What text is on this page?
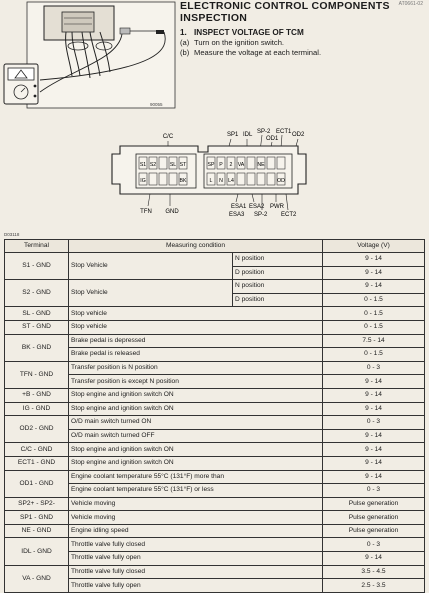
AT0661-02
90055
ELECTRONIC CONTROL COMPONENTS
INSPECTION
1. INSPECT VOLTAGE OF TCM
(a) Turn on the ignition switch.
(b) Measure the voltage at each terminal.
C/C	SP1 IDL SP-2
OD1
ECT1 OD2
S1 S2	SL ST
IG	BK
SP P 2 VA	NE
L N L4	OD
TFN GND
ESA1 ESA2
ESA3 SP-2
PWR
ECT2
D03118
Terminal	Measuring condition		Voltage (V)
S1 - GND	Stop Vehicle	N position	9 - 14
		D position	9 - 14
S2 - GND	Stop Vehicle	N position	9 - 14
		D position	0 - 1.5
SL - GND	Stop vehicle		0 - 1.5
ST - GND	Stop vehicle		0 - 1.5
BK - GND	Brake pedal is depressed		7.5 - 14
	Brake pedal is released		0 - 1.5
TFN - GND	Transfer position is N position		0 - 3
	Transfer position is except N position		9 - 14
+B - GND	Stop engine and ignition switch ON		9 - 14
IG - GND	Stop engine and ignition switch ON		9 - 14
OD2 - GND	O/D main switch turned ON		0 - 3
	O/D main switch turned OFF		9 - 14
C/C - GND	Stop engine and ignition switch ON		9 - 14
ECT1 - GND	Stop engine and ignition switch ON		9 - 14
OD1 - GND	Engine coolant temperature 55°C (131°F) more than		9 - 14
	Engine coolant temperature 55°C (131°F) or less		0 - 3
SP2+ - SP2-	Vehicle moving		Pulse generation
SP1 - GND	Vehicle moving		Pulse generation
NE - GND	Engine idling speed		Pulse generation
IDL - GND	Throttle valve fully closed		0 - 3
	Throttle valve fully open		9 - 14
VA - GND	Throttle valve fully closed		3.5 - 4.5
	Throttle valve fully open		2.5 - 3.5
